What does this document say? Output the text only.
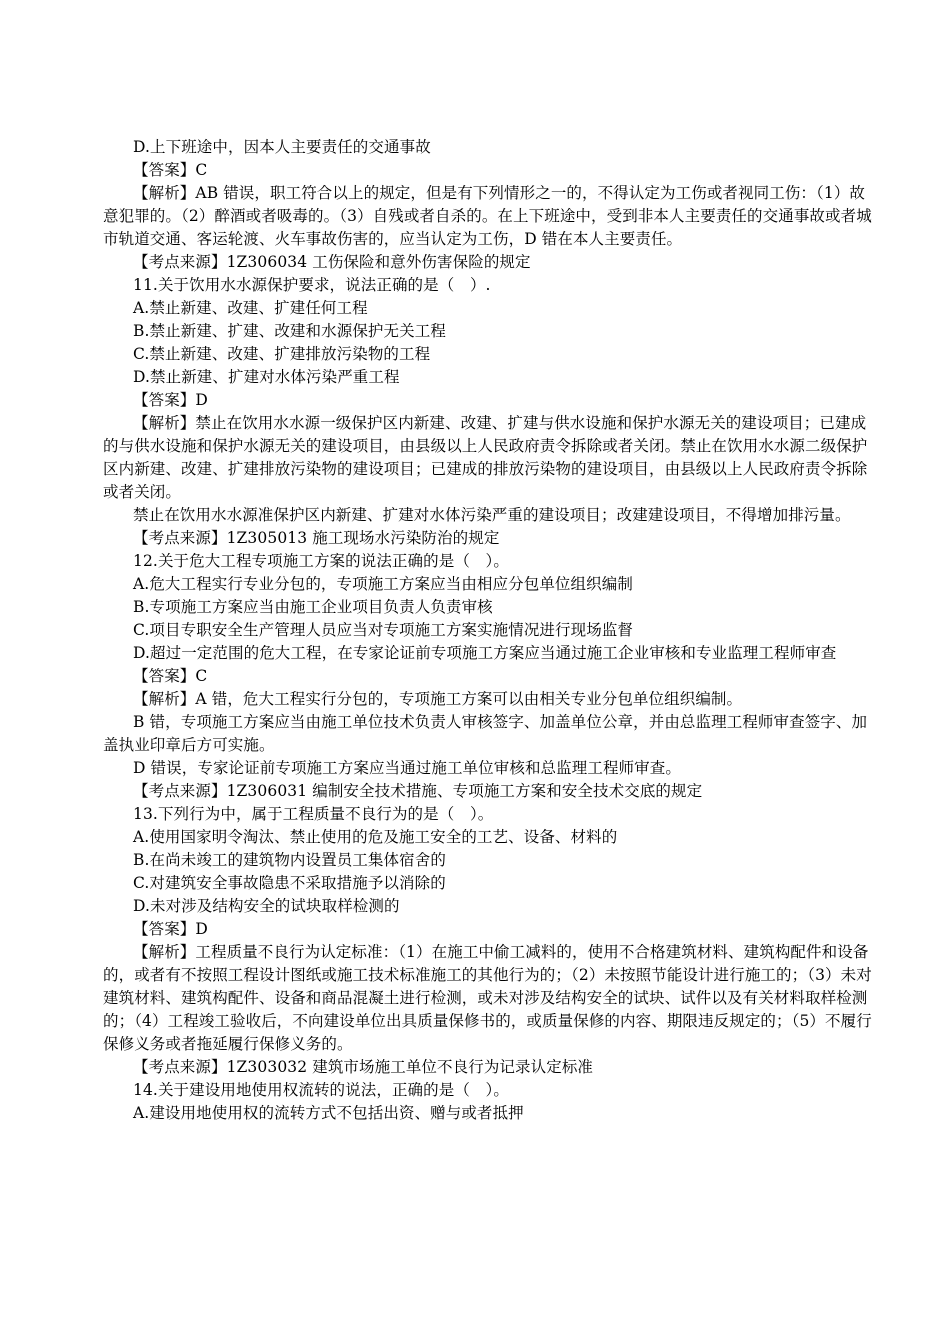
D.上下班途中，因本人主要责任的交通事故

【答案】C

【解析】AB 错误，职工符合以上的规定，但是有下列情形之一的，不得认定为工伤或者视同工伤：（1）故意犯罪的。（2）醉酒或者吸毒的。（3）自残或者自杀的。在上下班途中，受到非本人主要责任的交通事故或者城市轨道交通、客运轮渡、火车事故伤害的，应当认定为工伤，D 错在本人主要责任。

【考点来源】1Z306034 工伤保险和意外伤害保险的规定

11.关于饮用水水源保护要求，说法正确的是（　）.

A.禁止新建、改建、扩建任何工程

B.禁止新建、扩建、改建和水源保护无关工程

C.禁止新建、改建、扩建排放污染物的工程

D.禁止新建、扩建对水体污染严重工程

【答案】D

【解析】禁止在饮用水水源一级保护区内新建、改建、扩建与供水设施和保护水源无关的建设项目；已建成的与供水设施和保护水源无关的建设项目，由县级以上人民政府责令拆除或者关闭。禁止在饮用水水源二级保护区内新建、改建、扩建排放污染物的建设项目；已建成的排放污染物的建设项目，由县级以上人民政府责令拆除或者关闭。

禁止在饮用水水源准保护区内新建、扩建对水体污染严重的建设项目；改建建设项目，不得增加排污量。

【考点来源】1Z305013 施工现场水污染防治的规定

12.关于危大工程专项施工方案的说法正确的是（　）。

A.危大工程实行专业分包的，专项施工方案应当由相应分包单位组织编制

B.专项施工方案应当由施工企业项目负责人负责审核

C.项目专职安全生产管理人员应当对专项施工方案实施情况进行现场监督

D.超过一定范围的危大工程，在专家论证前专项施工方案应当通过施工企业审核和专业监理工程师审查

【答案】C

【解析】A 错，危大工程实行分包的，专项施工方案可以由相关专业分包单位组织编制。

B 错，专项施工方案应当由施工单位技术负责人审核签字、加盖单位公章，并由总监理工程师审查签字、加盖执业印章后方可实施。

D 错误，专家论证前专项施工方案应当通过施工单位审核和总监理工程师审查。

【考点来源】1Z306031 编制安全技术措施、专项施工方案和安全技术交底的规定

13.下列行为中，属于工程质量不良行为的是（　）。

A.使用国家明令淘汰、禁止使用的危及施工安全的工艺、设备、材料的

B.在尚未竣工的建筑物内设置员工集体宿舍的

C.对建筑安全事故隐患不采取措施予以消除的

D.未对涉及结构安全的试块取样检测的

【答案】D

【解析】工程质量不良行为认定标准：（1）在施工中偷工减料的，使用不合格建筑材料、建筑构配件和设备的，或者有不按照工程设计图纸或施工技术标准施工的其他行为的；（2）未按照节能设计进行施工的；（3）未对建筑材料、建筑构配件、设备和商品混凝土进行检测，或未对涉及结构安全的试块、试件以及有关材料取样检测的；（4）工程竣工验收后，不向建设单位出具质量保修书的，或质量保修的内容、期限违反规定的；（5）不履行保修义务或者拖延履行保修义务的。

【考点来源】1Z303032 建筑市场施工单位不良行为记录认定标准

14.关于建设用地使用权流转的说法，正确的是（　）。

A.建设用地使用权的流转方式不包括出资、赠与或者抵押
